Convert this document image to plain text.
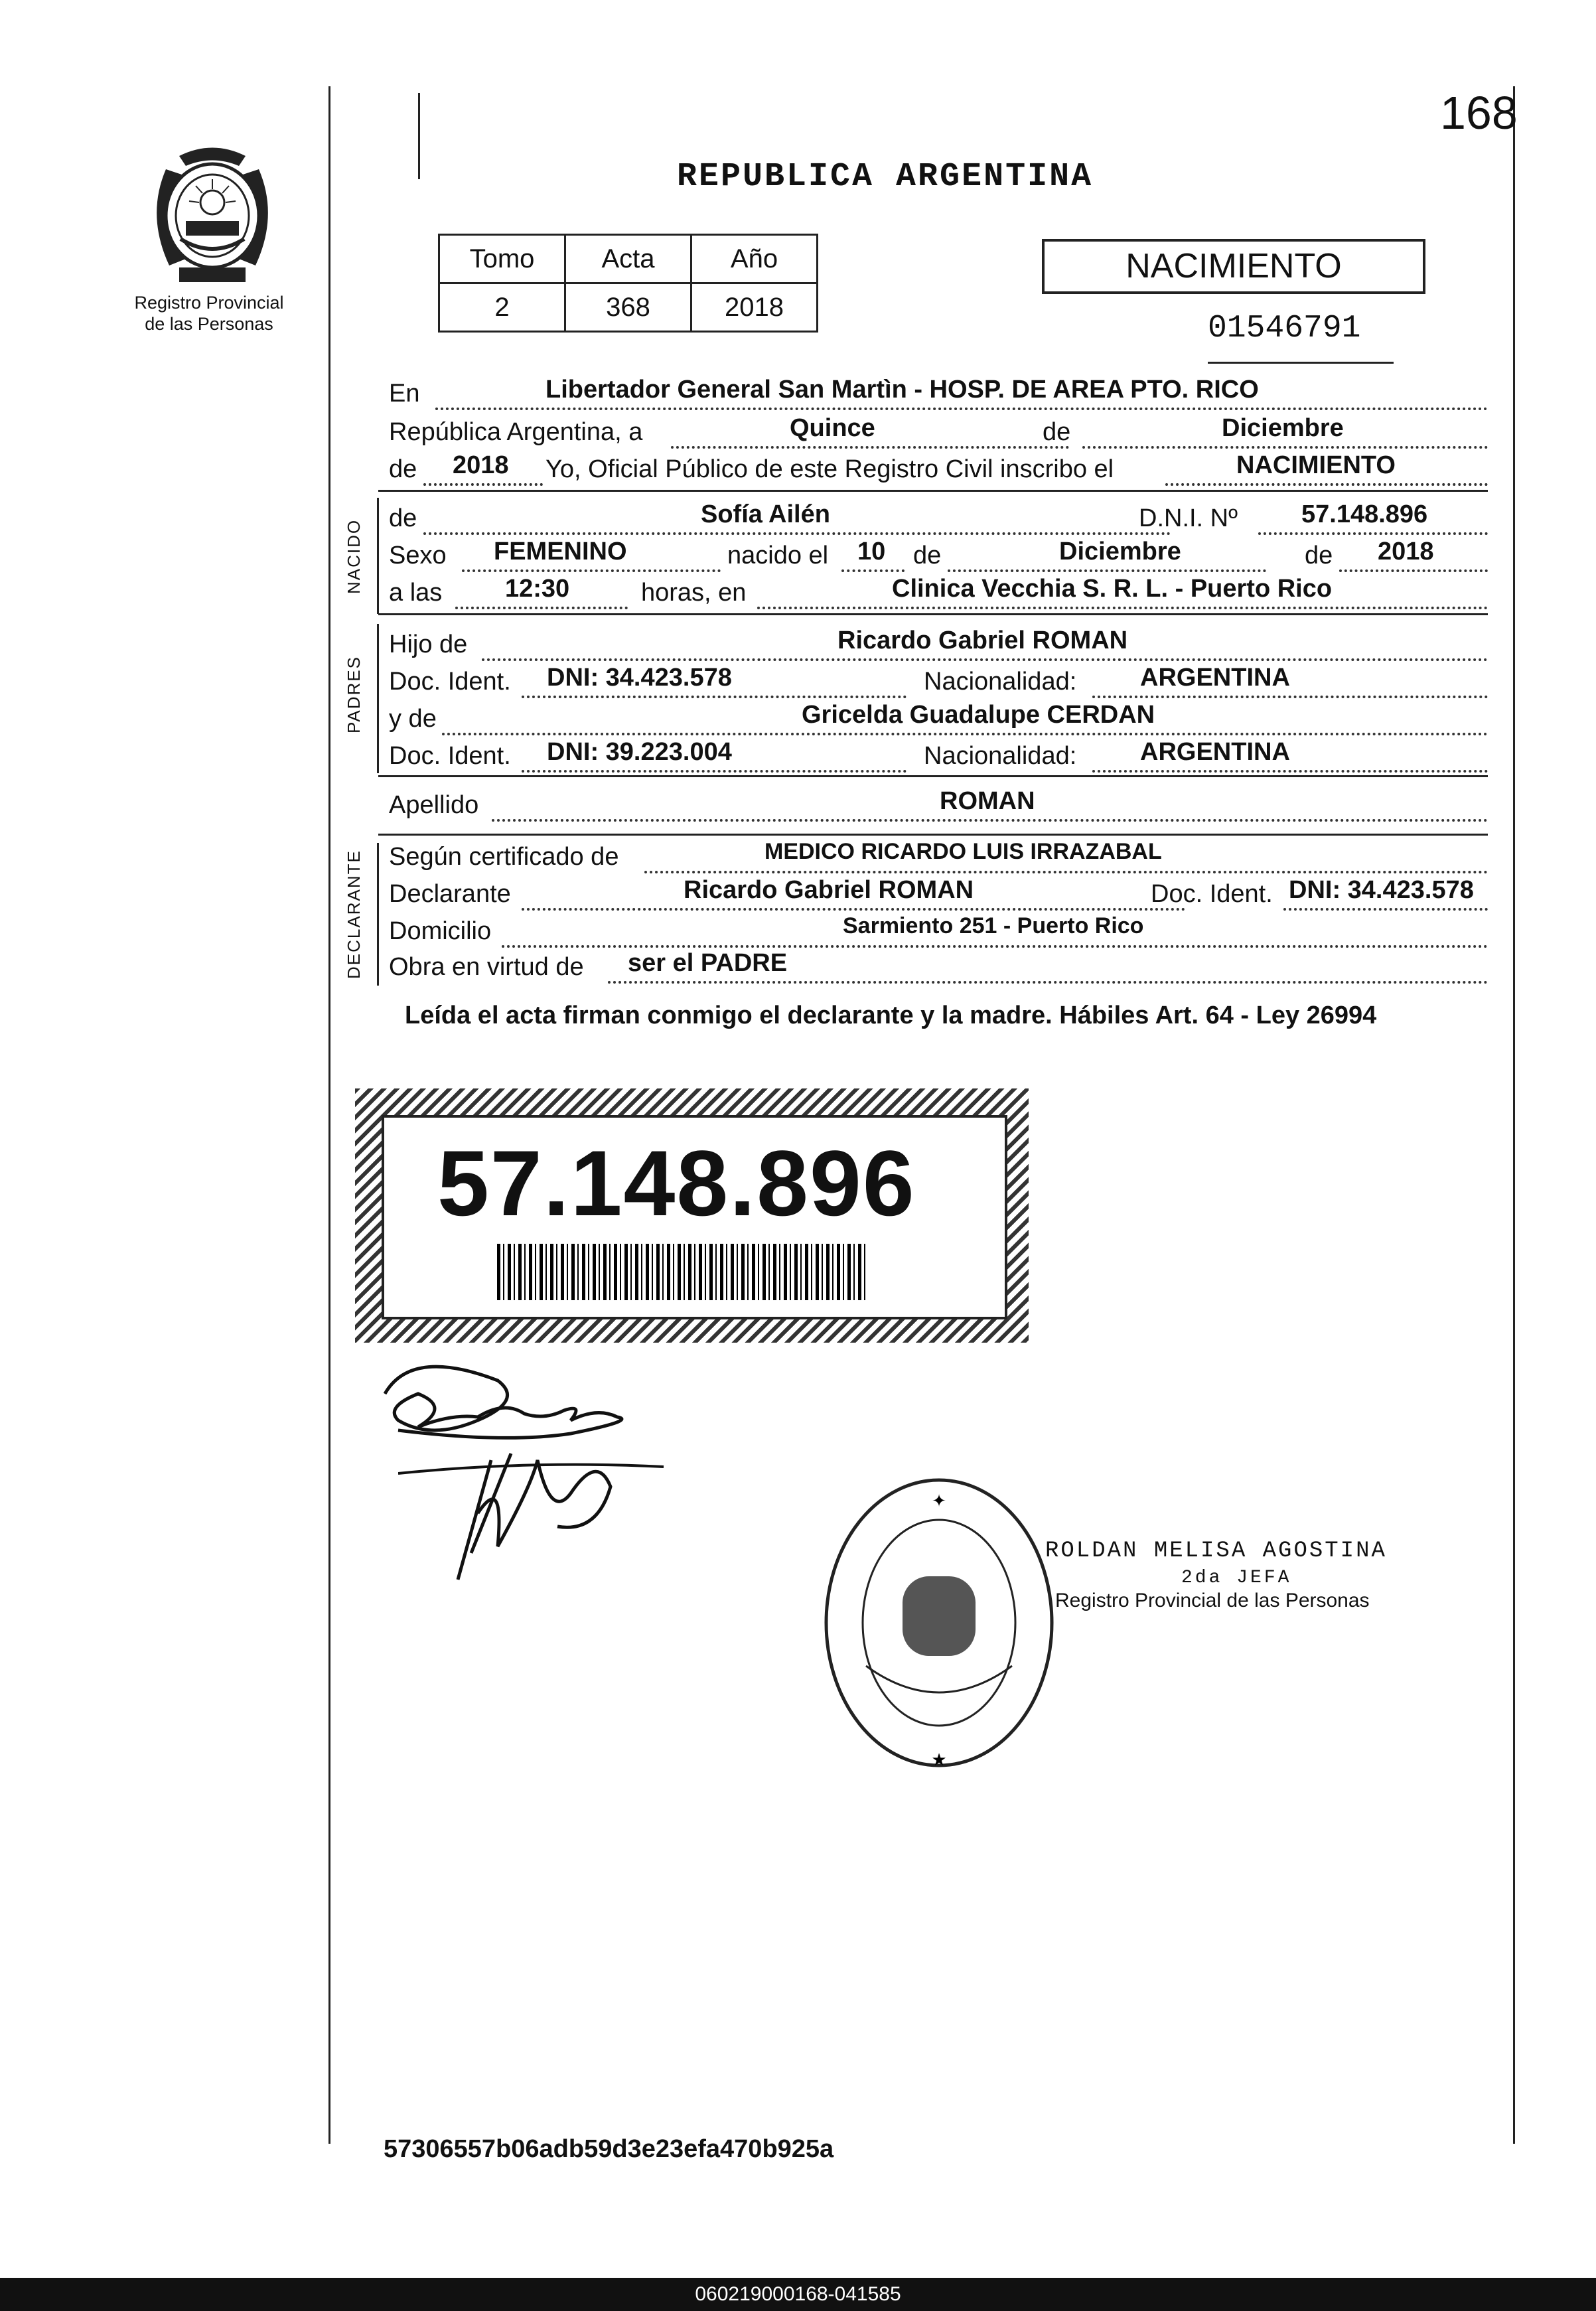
168
REPUBLICA ARGENTINA
Registro Provincial
de las Personas
Tomo	Acta	Año
2	368	2018
NACIMIENTO
01546791
En	Libertador General San Martìn - HOSP. DE AREA PTO. RICO
República Argentina, a	Quince	de	Diciembre
de 2018 Yo, Oficial Público de este Registro Civil inscribo el	NACIMIENTO
NACIDO
de	Sofía Ailén	D.N.I. Nº	57.148.896
Sexo FEMENINO	nacido el 10 de	Diciembre	de 2018
a las 12:30	horas, en	Clinica Vecchia S. R. L. - Puerto Rico
PADRES
Hijo de	Ricardo Gabriel ROMAN
Doc. Ident. DNI: 34.423.578	Nacionalidad:	ARGENTINA
y de	Gricelda Guadalupe CERDAN
Doc. Ident. DNI: 39.223.004	Nacionalidad:	ARGENTINA
Apellido	ROMAN
DECLARANTE Según certificado de	MEDICO RICARDO LUIS IRRAZABAL
Declarante	Ricardo Gabriel ROMAN	Doc. Ident. DNI: 34.423.578
Domicilio	Sarmiento 251 - Puerto Rico
Obra en virtud de ser el PADRE
Leída el acta firman conmigo el declarante y la madre. Hábiles Art. 64 - Ley 26994
57.148.896
✦
★
ROLDAN MELISA AGOSTINA
2da JEFA
Registro Provincial de las Personas
57306557b06adb59d3e23efa470b925a
060219000168-041585
